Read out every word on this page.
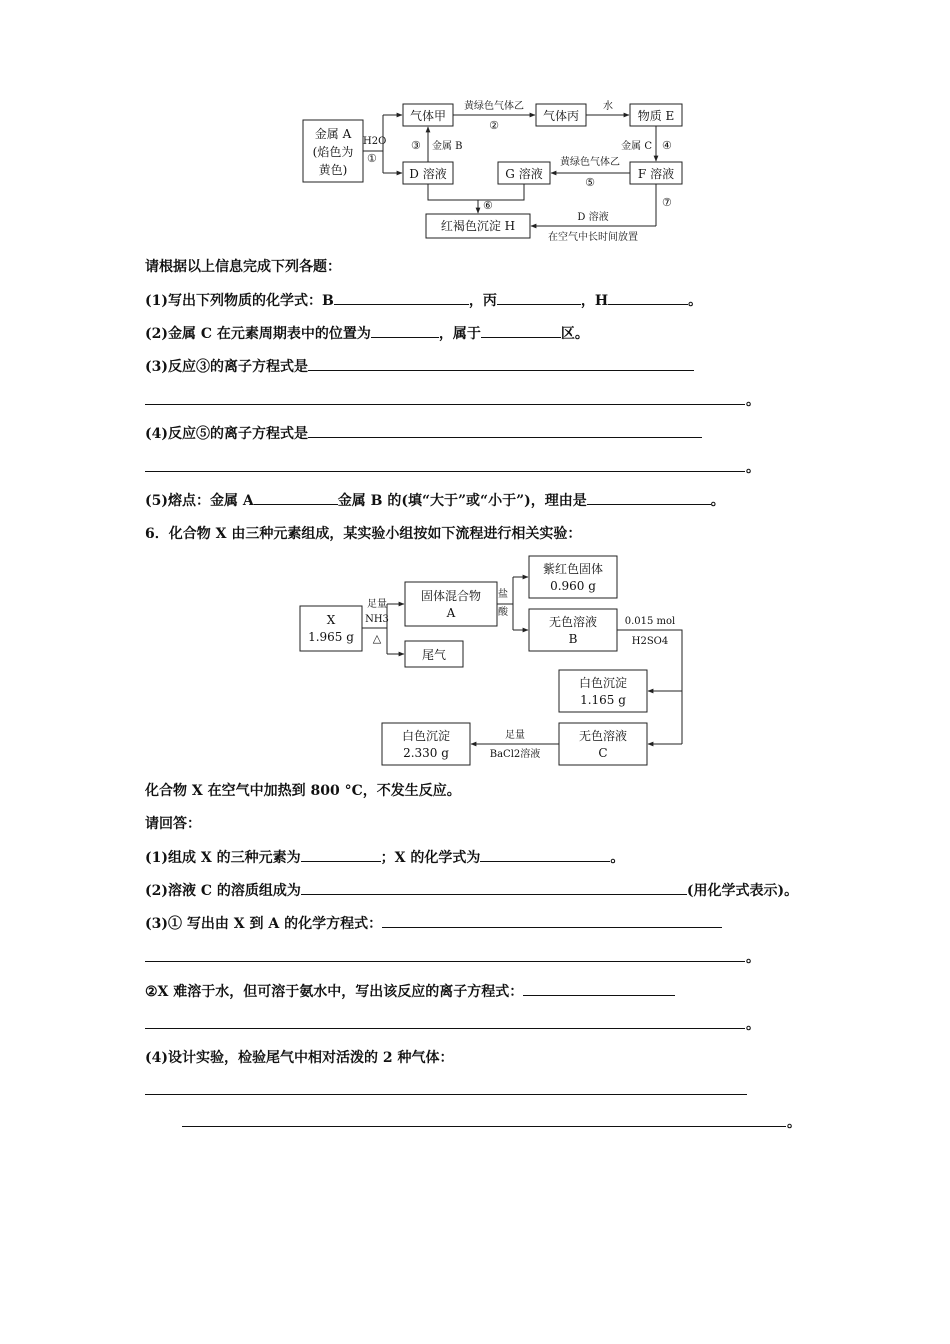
金属 A
(焰色为
黄色)
H2O
①
气体甲
黄绿色气体乙
②
气体丙
水
物质 E
金属 C ④
F 溶液
黄绿色气体乙
⑤
G 溶液
D 溶液
③ 金属 B
⑥
红褐色沉淀 H
⑦
D 溶液
在空气中长时间放置
请根据以上信息完成下列各题：
(1)写出下列物质的化学式：B	，丙	，H	。
(2)金属 C 在元素周期表中的位置为	，属于	区。
(3)反应③的离子方程式是
。
(4)反应⑤的离子方程式是
。
(5)熔点：金属 A	金属 B 的(填“大于”或“小于”)，理由是	。
6．化合物 X 由三种元素组成，某实验小组按如下流程进行相关实验：
X
1.965 g
足量
NH3
△
固体混合物
A
盐
酸
紫红色固体
0.960 g
无色溶液
B
0.015 mol
H2SO4
尾气
白色沉淀
1.165 g
无色溶液
C
足量
BaCl2溶液
白色沉淀
2.330 g
化合物 X 在空气中加热到 800 °C，不发生反应。
请回答：
(1)组成 X 的三种元素为	；X 的化学式为	。
(2)溶液 C 的溶质组成为	(用化学式表示)。
(3)① 写出由 X 到 A 的化学方程式：
。
②X 难溶于水，但可溶于氨水中，写出该反应的离子方程式：
。
(4)设计实验，检验尾气中相对活泼的 2 种气体：
。
